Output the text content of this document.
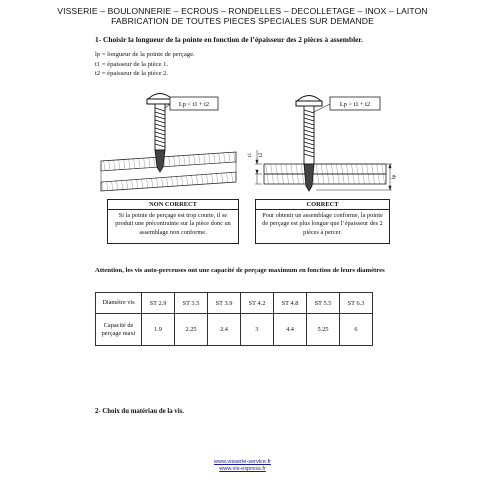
VISSERIE – BOULONNERIE – ECROUS – RONDELLES – DECOLLETAGE – INOX – LAITON
FABRICATION DE TOUTES PIECES SPECIALES SUR DEMANDE
1- Choisir la longueur de la pointe en fonction de l’épaisseur des 2 pièces à assembler.
lp = longueur de la pointe de perçage.
t1 = épaisseur de la pièce 1.
t2 = épaisseur de la pièce 2.
Lp < t1 + t2	Lp > t1 + t2
t1 t2
lp
NON CORRECT
Si la pointe de perçage est trop courte, il se produit une précontrainte sur la pièce donc un assemblage non conforme.
CORRECT
Pour obtenir un assemblage conforme, la pointe de perçage est plus longue que l’épaisseur des 2 pièces à percer.
Attention, les vis auto-perceuses ont une capacité de perçage maximum en fonction de leurs diamètres
Diamètre vis	ST 2.9	ST 3.5	ST 3.9	ST 4.2	ST 4.8	ST 5.5	ST 6.3
Capacité de perçage maxi	1.9	2.25	2.4	3	4.4	5.25	6
2- Choix du matériau de la vis.
www.visserie-service.fr
www.vis-express.fr
